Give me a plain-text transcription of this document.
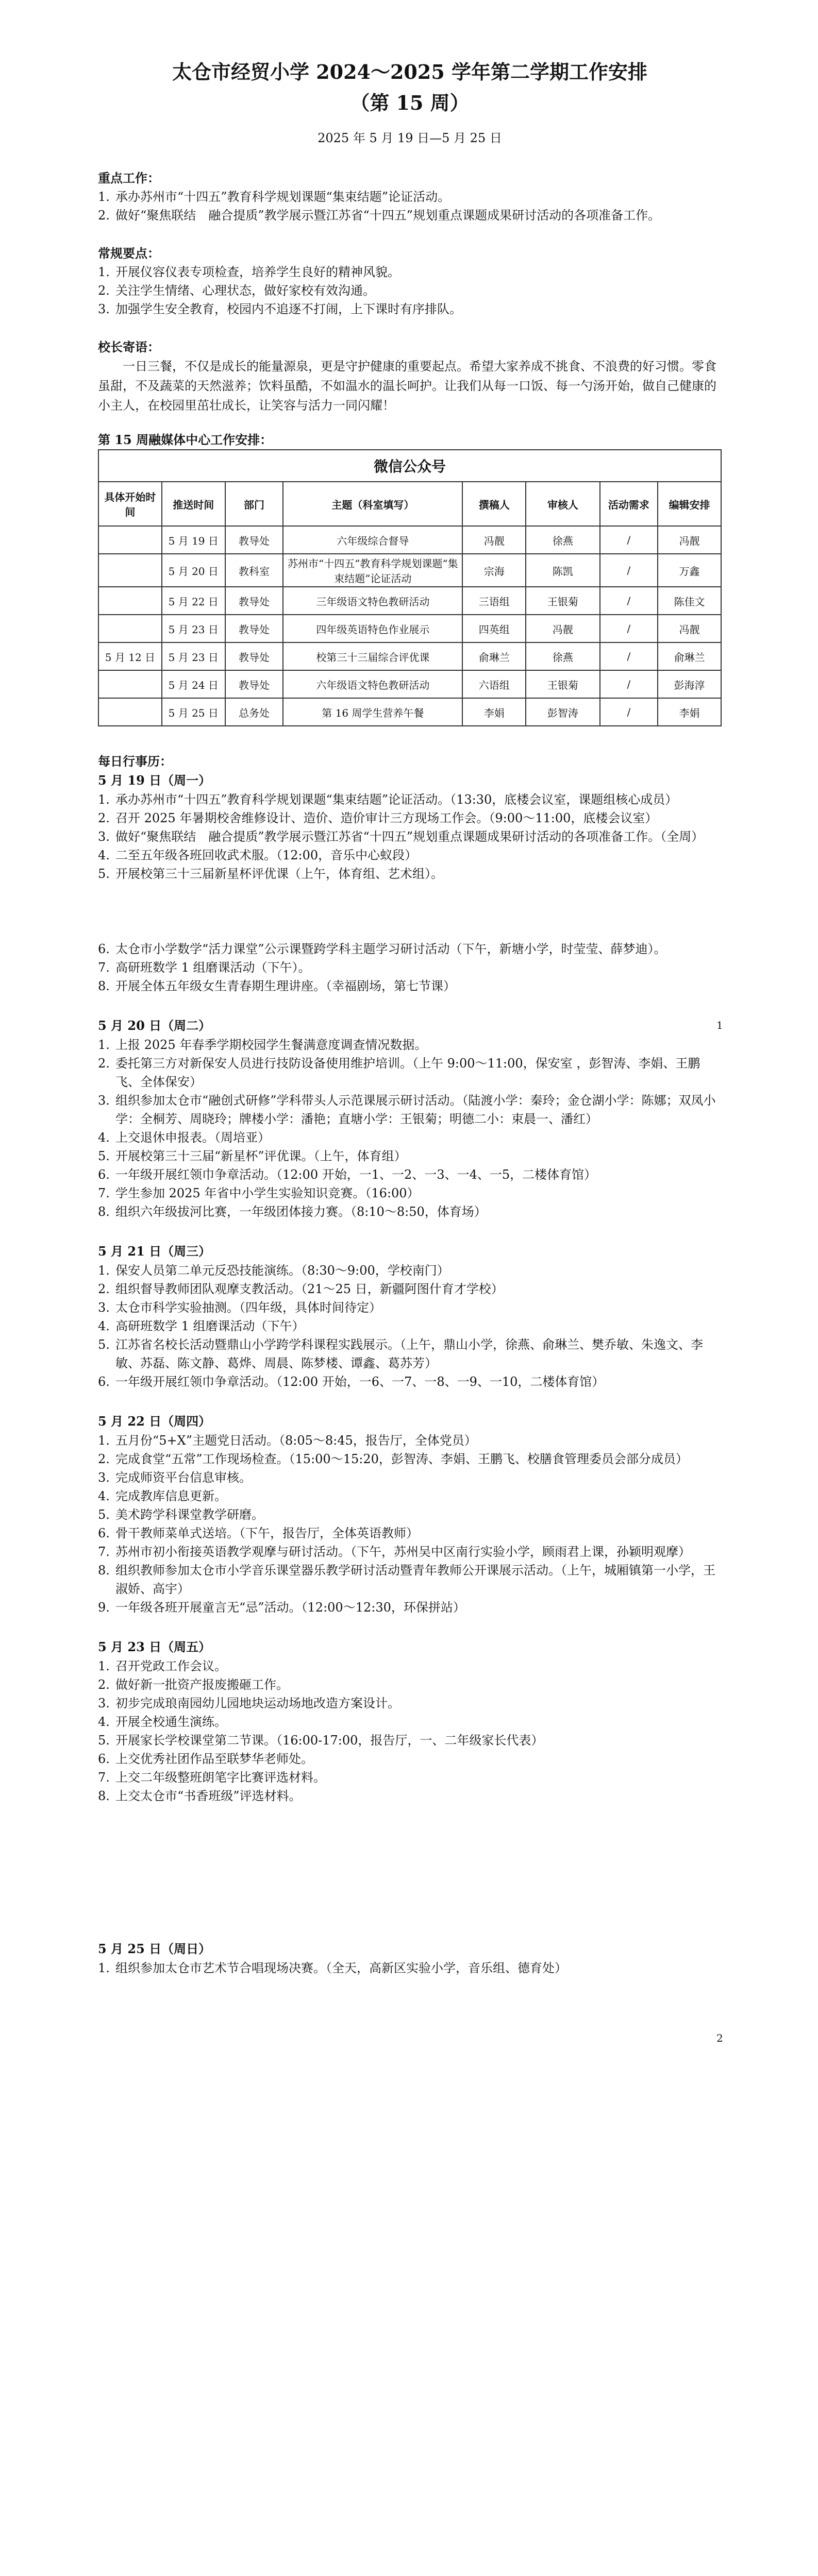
太仓市经贸小学 2024～2025 学年第二学期工作安排
（第 15 周）
2025 年 5 月 19 日—5 月 25 日
重点工作：
1. 承办苏州市“十四五”教育科学规划课题“集束结题”论证活动。
2. 做好“聚焦联结　融合提质”教学展示暨江苏省“十四五”规划重点课题成果研讨活动的各项准备工作。
常规要点：
1. 开展仪容仪表专项检查，培养学生良好的精神风貌。
2. 关注学生情绪、心理状态，做好家校有效沟通。
3. 加强学生安全教育，校园内不追逐不打闹，上下课时有序排队。
校长寄语：
一日三餐，不仅是成长的能量源泉，更是守护健康的重要起点。希望大家养成不挑食、不浪费的好习惯。零食虽甜，不及蔬菜的天然滋养；饮料虽酷，不如温水的温长呵护。让我们从每一口饭、每一勺汤开始，做自己健康的小主人，在校园里茁壮成长，让笑容与活力一同闪耀！
第 15 周融媒体中心工作安排：
微信公众号							
具体开始时间	推送时间	部门	主题（科室填写）	撰稿人	审核人	活动需求	编辑安排
	5 月 19 日	教导处	六年级综合督导	冯靓	徐燕	/	冯靓
	5 月 20 日	教科室	苏州市“十四五”教育科学规划课题“集束结题”论证活动	宗海	陈凯	/	万鑫
	5 月 22 日	教导处	三年级语文特色教研活动	三语组	王银菊	/	陈佳文
	5 月 23 日	教导处	四年级英语特色作业展示	四英组	冯靓	/	冯靓
5 月 12 日	5 月 23 日	教导处	校第三十三届综合评优课	俞琳兰	徐燕	/	俞琳兰
	5 月 24 日	教导处	六年级语文特色教研活动	六语组	王银菊	/	彭海淳
	5 月 25 日	总务处	第 16 周学生营养午餐	李娟	彭智涛	/	李娟
每日行事历：
5 月 19 日（周一）
1. 承办苏州市“十四五”教育科学规划课题“集束结题”论证活动。（13:30，底楼会议室，课题组核心成员）
2. 召开 2025 年暑期校舍维修设计、造价、造价审计三方现场工作会。（9:00～11:00，底楼会议室）
3. 做好“聚焦联结　融合提质”教学展示暨江苏省“十四五”规划重点课题成果研讨活动的各项准备工作。（全周）
4. 二至五年级各班回收武术服。（12:00，音乐中心蚁段）
5. 开展校第三十三届新星杯评优课（上午，体育组、艺术组）。
6. 太仓市小学数学“活力课堂”公示课暨跨学科主题学习研讨活动（下午，新塘小学，时莹莹、薛梦迪）。
7. 高研班数学 1 组磨课活动（下午）。
8. 开展全体五年级女生青春期生理讲座。（幸福剧场，第七节课）
5 月 20 日（周二）
1. 上报 2025 年春季学期校园学生餐满意度调查情况数据。
2. 委托第三方对新保安人员进行技防设备使用维护培训。（上午 9:00～11:00，保安室 ，彭智涛、李娟、王鹏飞、全体保安）
3. 组织参加太仓市“融创式研修”学科带头人示范课展示研讨活动。（陆渡小学：秦玲；金仓湖小学：陈娜；双凤小学：全桐芳、周晓玲；牌楼小学：潘艳；直塘小学：王银菊；明德二小：束晨一、潘红）
4. 上交退休申报表。（周培亚）
5. 开展校第三十三届“新星杯”评优课。（上午，体育组）
6. 一年级开展红领巾争章活动。（12:00 开始，一1、一2、一3、一4、一5，二楼体育馆）
7. 学生参加 2025 年省中小学生实验知识竞赛。（16:00）
8. 组织六年级拔河比赛，一年级团体接力赛。（8:10～8:50，体育场）
5 月 21 日（周三）
1. 保安人员第二单元反恐技能演练。（8:30～9:00，学校南门）
2. 组织督导教师团队观摩支教活动。（21～25 日，新疆阿图什育才学校）
3. 太仓市科学实验抽测。（四年级，具体时间待定）
4. 高研班数学 1 组磨课活动（下午）
5. 江苏省名校长活动暨鼎山小学跨学科课程实践展示。（上午，鼎山小学，徐燕、俞琳兰、樊乔敏、朱逸文、李敏、苏磊、陈文静、葛烨、周晨、陈梦楼、谭鑫、葛苏芳）
6. 一年级开展红领巾争章活动。（12:00 开始，一6、一7、一8、一9、一10，二楼体育馆）
5 月 22 日（周四）
1. 五月份“5+X”主题党日活动。（8:05～8:45，报告厅，全体党员）
2. 完成食堂“五常”工作现场检查。（15:00～15:20，彭智涛、李娟、王鹏飞、校膳食管理委员会部分成员）
3. 完成师资平台信息审核。
4. 完成教库信息更新。
5. 美术跨学科课堂教学研磨。
6. 骨干教师菜单式送培。（下午，报告厅，全体英语教师）
7. 苏州市初小衔接英语教学观摩与研讨活动。（下午，苏州吴中区南行实验小学，顾雨君上课，孙颖明观摩）
8. 组织教师参加太仓市小学音乐课堂器乐教学研讨活动暨青年教师公开课展示活动。（上午，城厢镇第一小学，王淑娇、高宇）
9. 一年级各班开展童言无“忌”活动。（12:00～12:30，环保拼站）
5 月 23 日（周五）
1. 召开党政工作会议。
2. 做好新一批资产报废搬砸工作。
3. 初步完成琅南园幼儿园地块运动场地改造方案设计。
4. 开展全校通生演练。
5. 开展家长学校课堂第二节课。（16:00-17:00，报告厅，一、二年级家长代表）
6. 上交优秀社团作品至联梦华老师处。
7. 上交二年级整班朗笔字比赛评选材料。
8. 上交太仓市“书香班级”评选材料。
5 月 25 日（周日）
1. 组织参加太仓市艺术节合唱现场决赛。（全天，高新区实验小学，音乐组、德育处）
1
2
